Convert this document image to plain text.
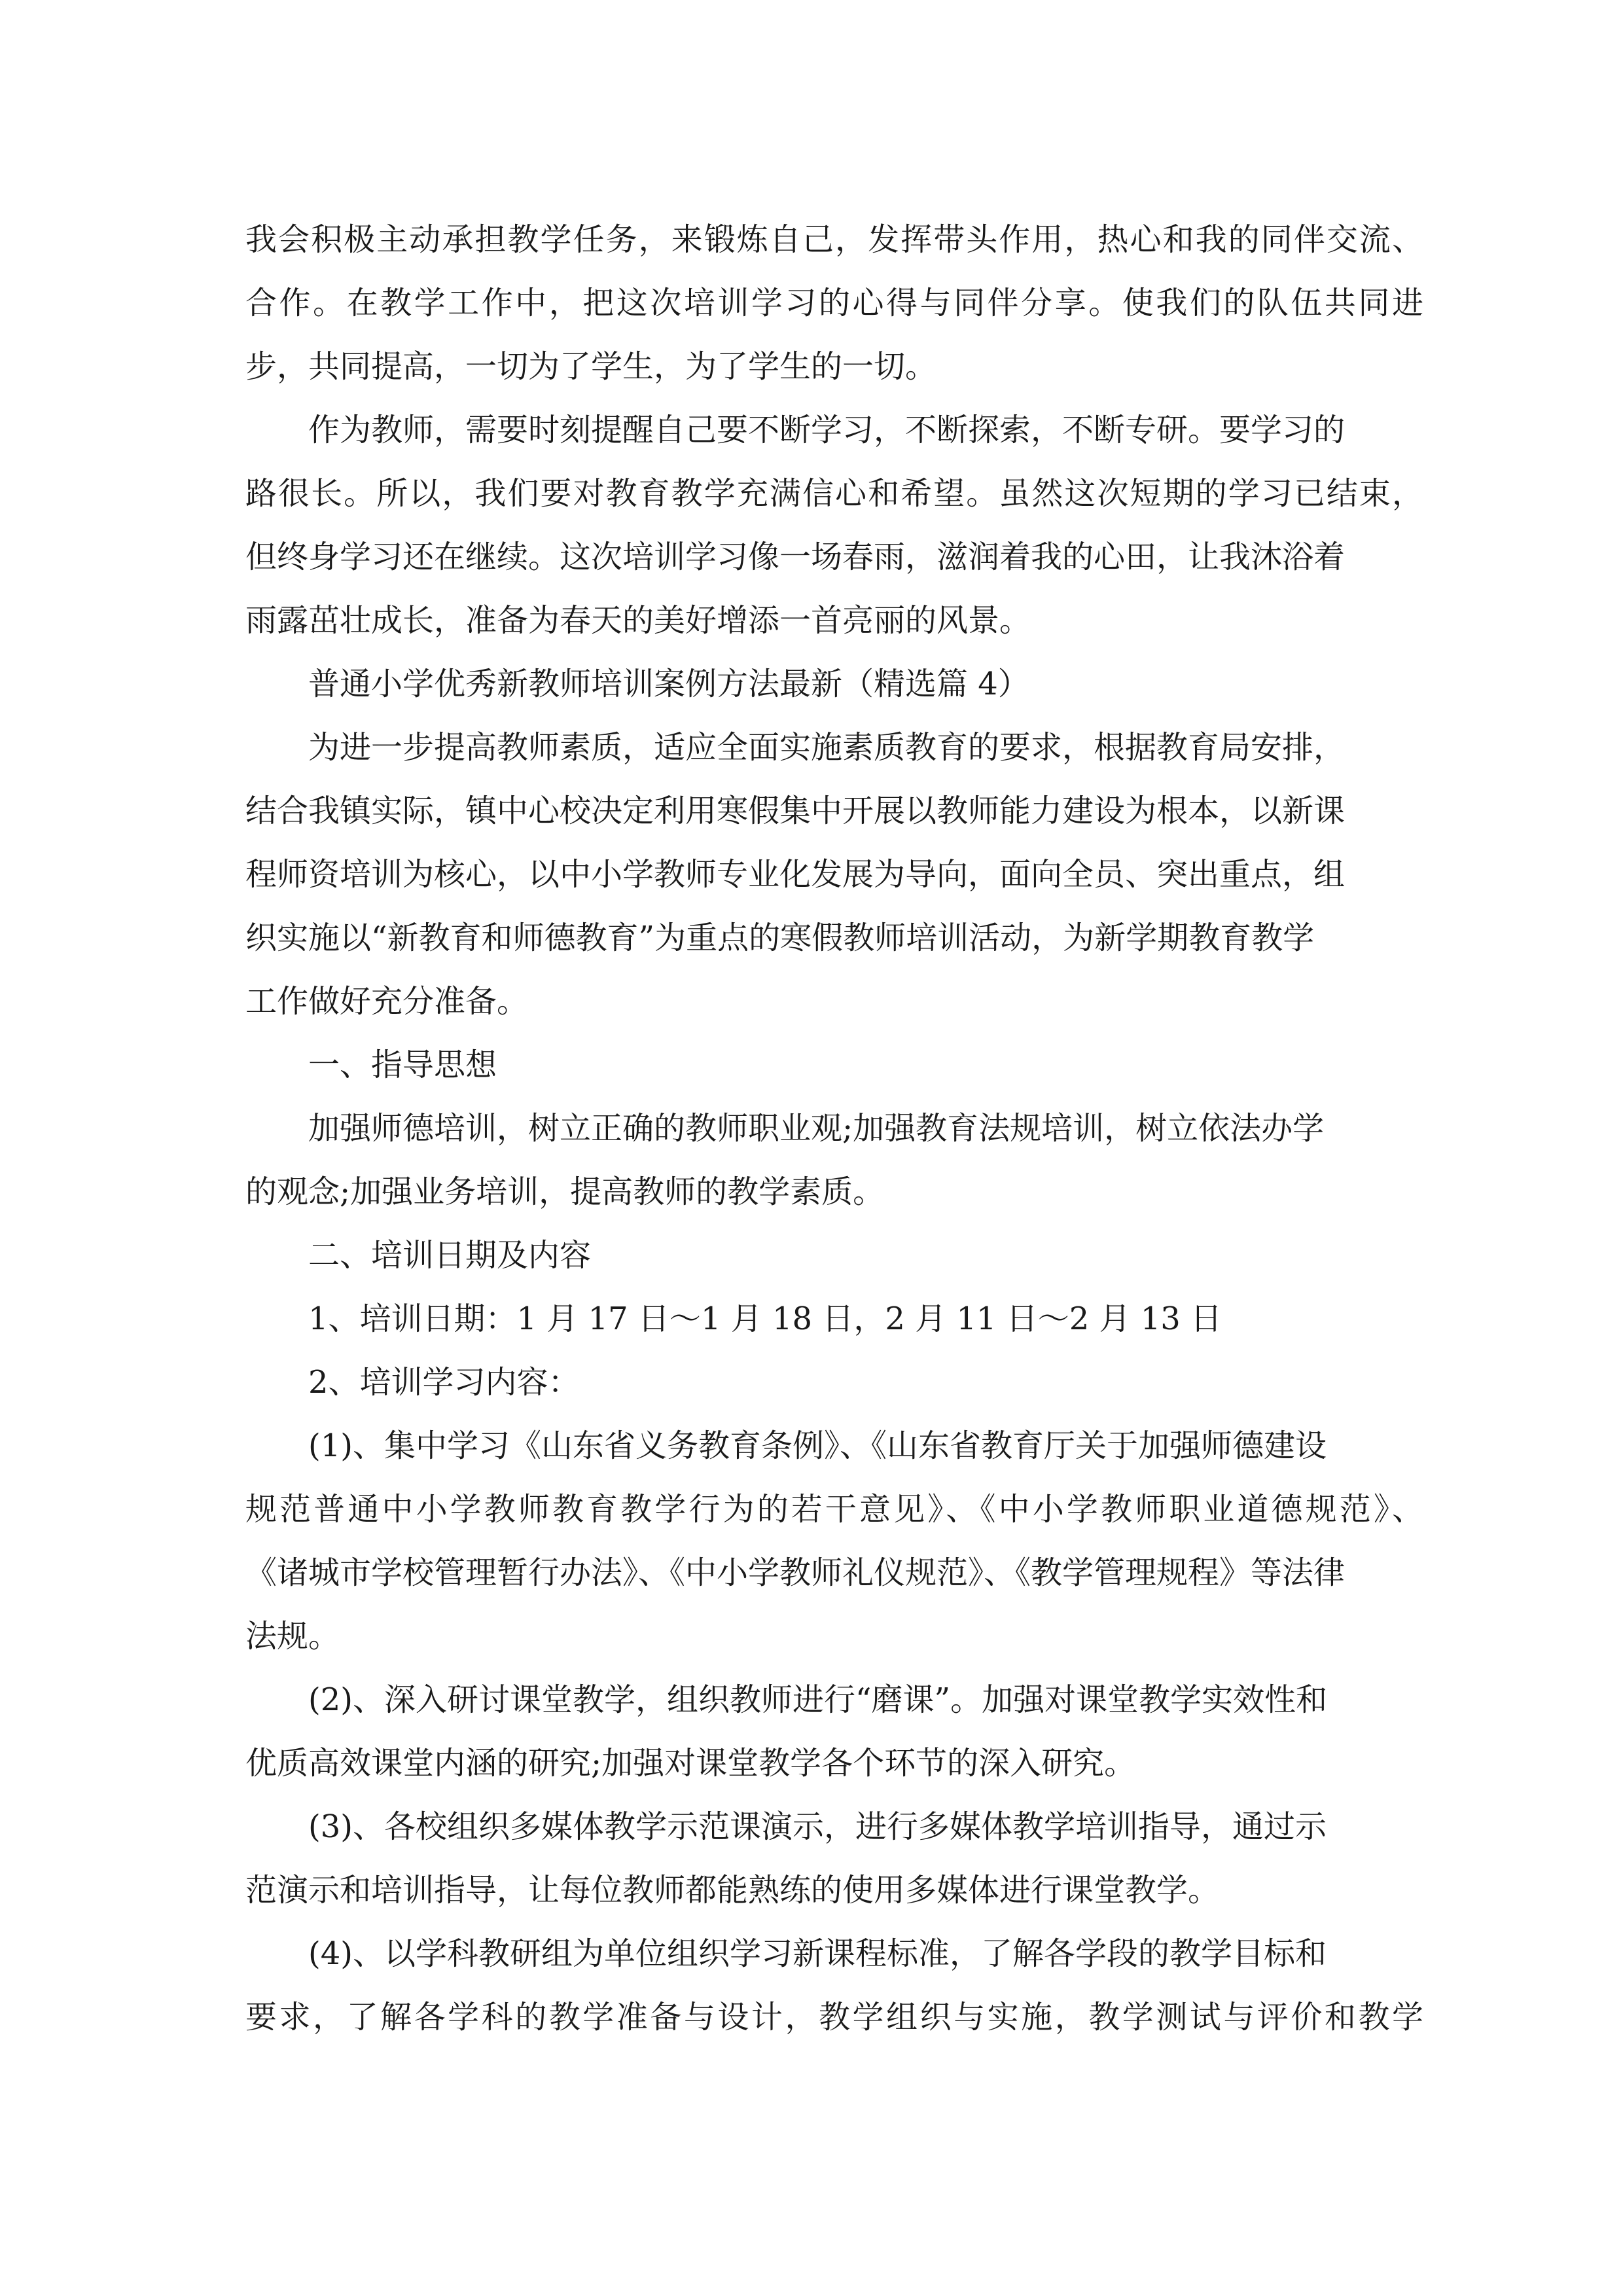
我会积极主动承担教学任务，来锻炼自己，发挥带头作用，热心和我的同伴交流、
合作。在教学工作中，把这次培训学习的心得与同伴分享。使我们的队伍共同进
步，共同提高，一切为了学生，为了学生的一切。
作为教师，需要时刻提醒自己要不断学习，不断探索，不断专研。要学习的
路很长。所以，我们要对教育教学充满信心和希望。虽然这次短期的学习已结束，
但终身学习还在继续。这次培训学习像一场春雨，滋润着我的心田，让我沐浴着
雨露茁壮成长，准备为春天的美好增添一首亮丽的风景。
普通小学优秀新教师培训案例方法最新（精选篇 4）
为进一步提高教师素质，适应全面实施素质教育的要求，根据教育局安排，
结合我镇实际，镇中心校决定利用寒假集中开展以教师能力建设为根本，以新课
程师资培训为核心，以中小学教师专业化发展为导向，面向全员、突出重点，组
织实施以“新教育和师德教育”为重点的寒假教师培训活动，为新学期教育教学
工作做好充分准备。
一、指导思想
加强师德培训，树立正确的教师职业观;加强教育法规培训，树立依法办学
的观念;加强业务培训，提高教师的教学素质。
二、培训日期及内容
1、培训日期：1 月 17 日～1 月 18 日，2 月 11 日～2 月 13 日
2、培训学习内容：
(1)、集中学习《山东省义务教育条例》、《山东省教育厅关于加强师德建设
规范普通中小学教师教育教学行为的若干意见》、《中小学教师职业道德规范》、
《诸城市学校管理暂行办法》、《中小学教师礼仪规范》、《教学管理规程》等法律
法规。
(2)、深入研讨课堂教学，组织教师进行“磨课”。加强对课堂教学实效性和
优质高效课堂内涵的研究;加强对课堂教学各个环节的深入研究。
(3)、各校组织多媒体教学示范课演示，进行多媒体教学培训指导，通过示
范演示和培训指导，让每位教师都能熟练的使用多媒体进行课堂教学。
(4)、以学科教研组为单位组织学习新课程标准，了解各学段的教学目标和
要求，了解各学科的教学准备与设计，教学组织与实施，教学测试与评价和教学
